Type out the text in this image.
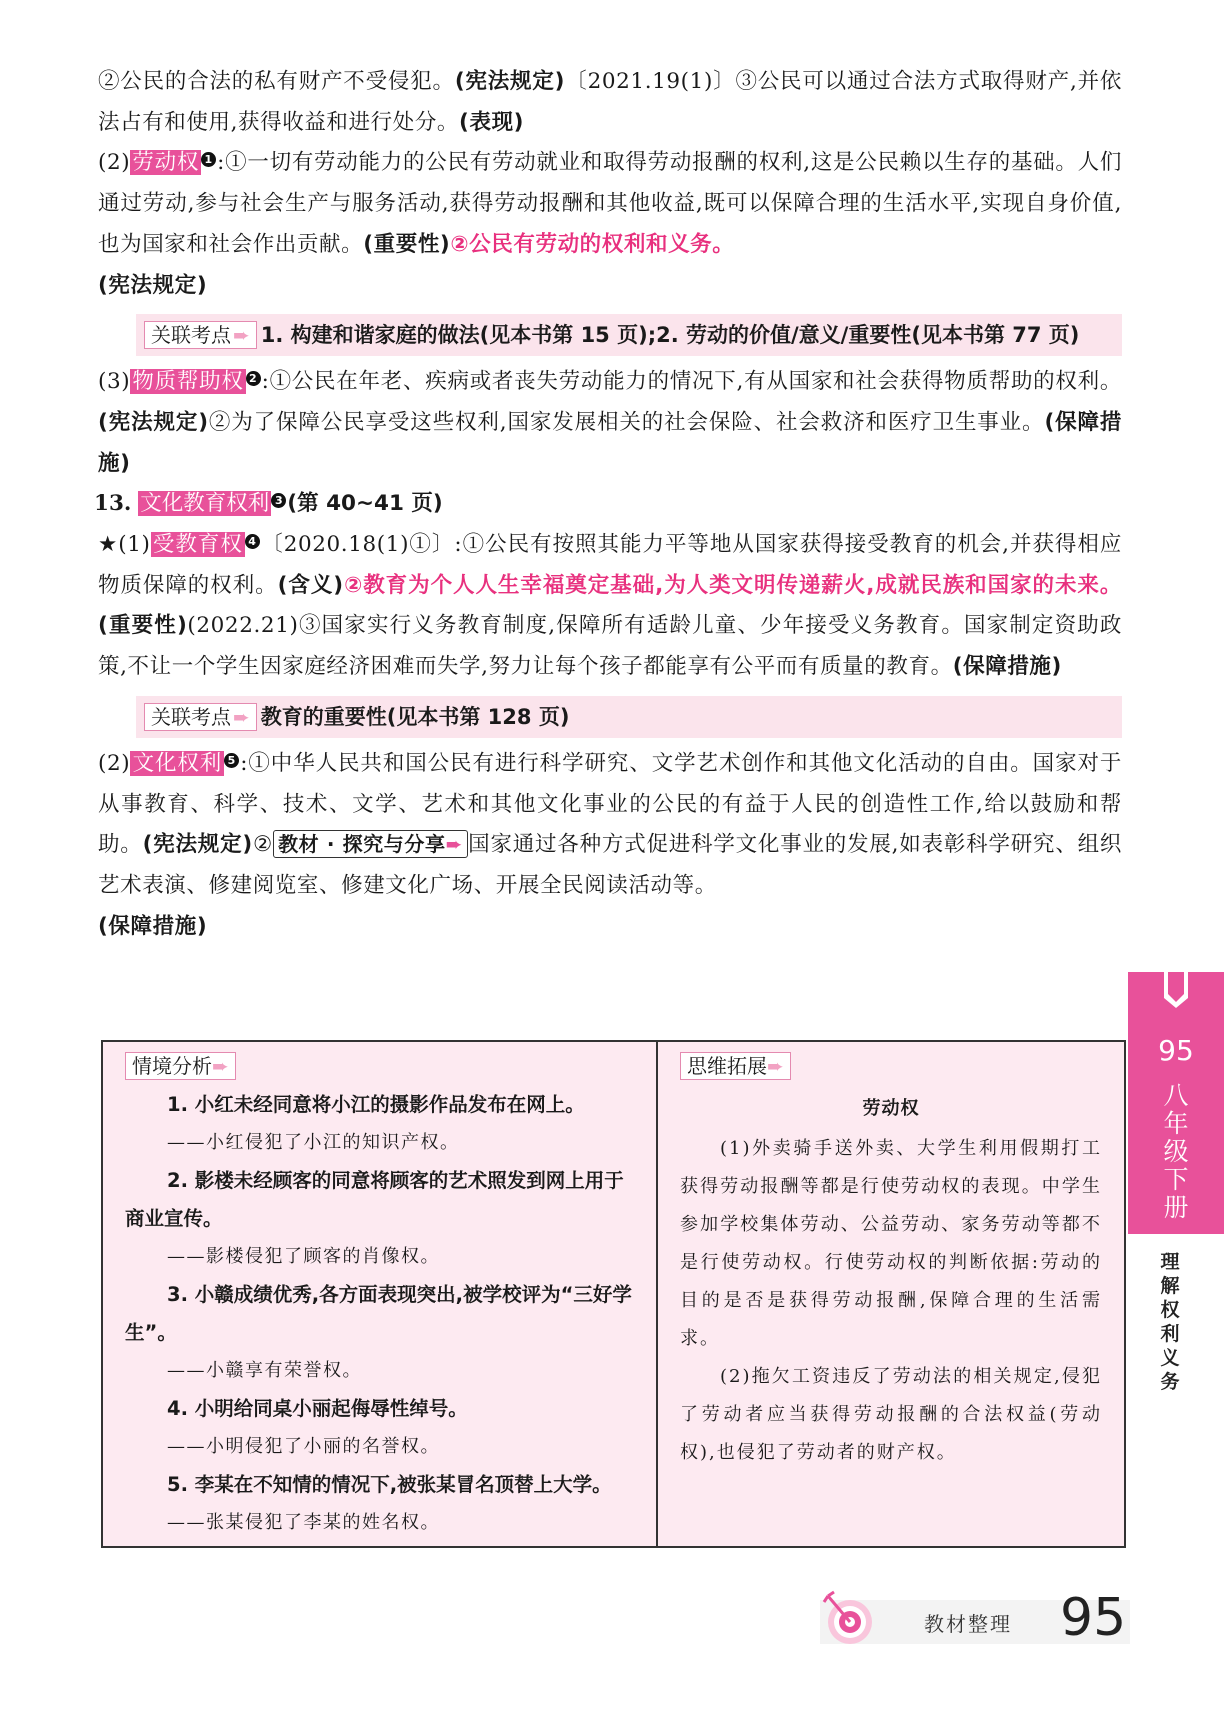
②公民的合法的私有财产不受侵犯。(宪法规定)〔2021.19(1)〕③公民可以通过合法方式取得财产,并依法占有和使用,获得收益和进行处分。(表现)

(2)劳动权 1 :①一切有劳动能力的公民有劳动就业和取得劳动报酬的权利,这是公民赖以生存的基础。人们通过劳动,参与社会生产与服务活动,获得劳动报酬和其他收益,既可以保障合理的生活水平,实现自身价值,也为国家和社会作出贡献。(重要性)②公民有劳动的权利和义务。
(宪法规定)

关联考点 ➨ 1. 构建和谐家庭的做法(见本书第 15 页);2. 劳动的价值/意义/重要性(见本书第 77 页)

(3)物质帮助权 2 :①公民在年老、疾病或者丧失劳动能力的情况下,有从国家和社会获得物质帮助的权利。(宪法规定)②为了保障公民享受这些权利,国家发展相关的社会保险、社会救济和医疗卫生事业。(保障措施)

13. 文化教育权利 3 (第 40~41 页)

★(1)受教育权 4 〔2020.18(1)①〕:①公民有按照其能力平等地从国家获得接受教育的机会,并获得相应物质保障的权利。(含义)②教育为个人人生幸福奠定基础,为人类文明传递薪火,成就民族和国家的未来。(重要性)(2022.21)③国家实行义务教育制度,保障所有适龄儿童、少年接受义务教育。国家制定资助政策,不让一个学生因家庭经济困难而失学,努力让每个孩子都能享有公平而有质量的教育。(保障措施)

关联考点 ➨ 教育的重要性(见本书第 128 页)

(2)文化权利 5 :①中华人民共和国公民有进行科学研究、文学艺术创作和其他文化活动的自由。国家对于从事教育、科学、技术、文学、艺术和其他文化事业的公民的有益于人民的创造性工作,给以鼓励和帮助。(宪法规定)② 教材 · 探究与分享➨ 国家通过各种方式促进科学文化事业的发展,如表彰科学研究、组织艺术表演、修建阅览室、修建文化广场、开展全民阅读活动等。
(保障措施)

情境分析➨

1. 小红未经同意将小江的摄影作品发布在网上。

——小红侵犯了小江的知识产权。

2. 影楼未经顾客的同意将顾客的艺术照发到网上用于商业宣传。

——影楼侵犯了顾客的肖像权。

3. 小赣成绩优秀,各方面表现突出,被学校评为“三好学生”。

——小赣享有荣誉权。

4. 小明给同桌小丽起侮辱性绰号。

——小明侵犯了小丽的名誉权。

5. 李某在不知情的情况下,被张某冒名顶替上大学。

——张某侵犯了李某的姓名权。

思维拓展➨

劳动权

(1)外卖骑手送外卖、大学生利用假期打工获得劳动报酬等都是行使劳动权的表现。中学生参加学校集体劳动、公益劳动、家务劳动等都不是行使劳动权。行使劳动权的判断依据:劳动的目的是否是获得劳动报酬,保障合理的生活需求。

(2)拖欠工资违反了劳动法的相关规定,侵犯了劳动者应当获得劳动报酬的合法权益(劳动权),也侵犯了劳动者的财产权。

95
八
年
级
下
册
理
解
权
利
义
务
教材整理 95
